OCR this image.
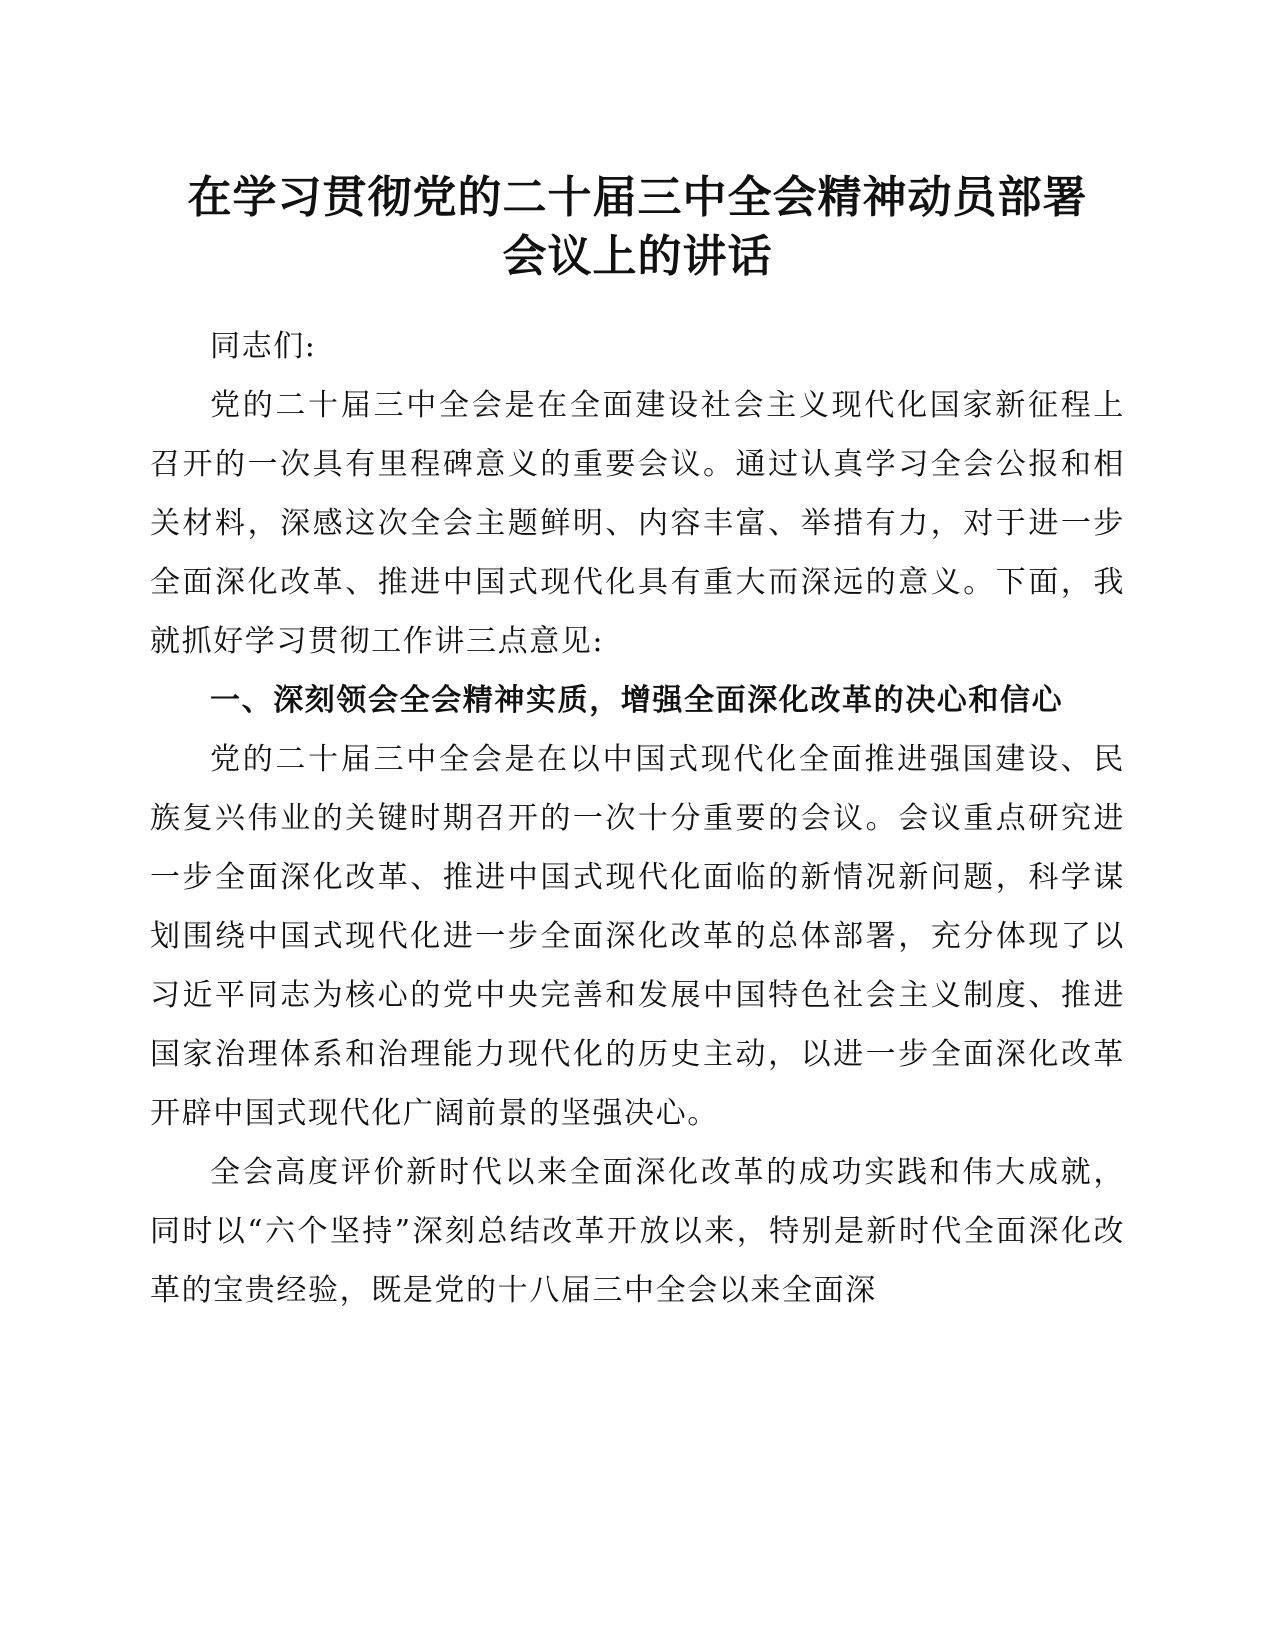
在学习贯彻党的二十届三中全会精神动员部署
会议上的讲话

同志们:

党的二十届三中全会是在全面建设社会主义现代化国家新征程上召开的一次具有里程碑意义的重要会议。通过认真学习全会公报和相关材料，深感这次全会主题鲜明、内容丰富、举措有力，对于进一步全面深化改革、推进中国式现代化具有重大而深远的意义。下面，我就抓好学习贯彻工作讲三点意见:

一、深刻领会全会精神实质，增强全面深化改革的决心和信心

党的二十届三中全会是在以中国式现代化全面推进强国建设、民族复兴伟业的关键时期召开的一次十分重要的会议。会议重点研究进一步全面深化改革、推进中国式现代化面临的新情况新问题，科学谋划围绕中国式现代化进一步全面深化改革的总体部署，充分体现了以习近平同志为核心的党中央完善和发展中国特色社会主义制度、推进国家治理体系和治理能力现代化的历史主动，以进一步全面深化改革开辟中国式现代化广阔前景的坚强决心。

全会高度评价新时代以来全面深化改革的成功实践和伟大成就，同时以“六个坚持”深刻总结改革开放以来，特别是新时代全面深化改革的宝贵经验，既是党的十八届三中全会以来全面深
